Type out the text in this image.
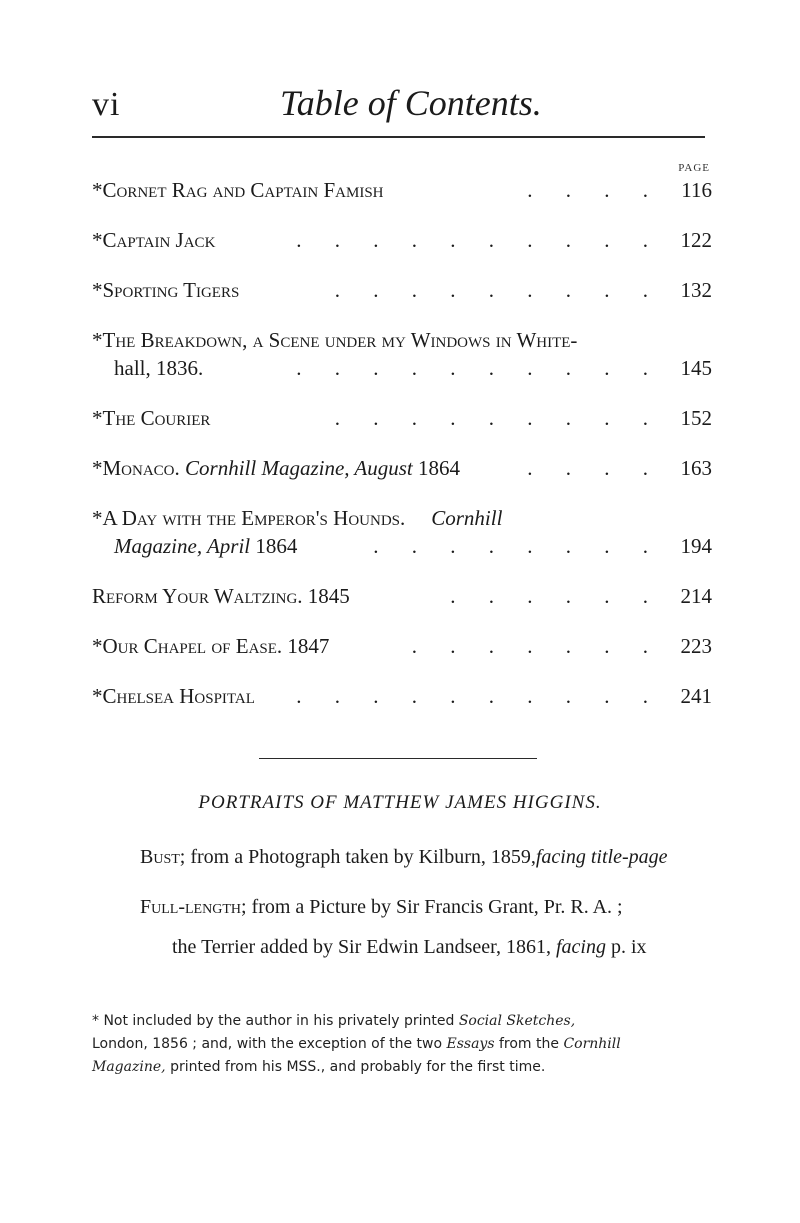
vi	Table of Contents.
PAGE
*Cornet Rag and Captain Famish	. . . . 116
*Captain Jack	. . . . . . . . . . 122
*Sporting Tigers	. . . . . . . . . 132
*The Breakdown, a Scene under my Windows in White-
hall, 1836.	. . . . . . . . . . 145
*The Courier	. . . . . . . . . 152
*Monaco.
Cornhill Magazine, August
1864	. . . . 163
*A Day with the Emperor's Hounds. Cornhill
Magazine, April
1864	. . . . . . . . 194
Reform Your Waltzing. 1845	. . . . . . 214
*Our Chapel of Ease. 1847	. . . . . . . 223
*Chelsea Hospital	. . . . . . . . . . 241
PORTRAITS OF MATTHEW JAMES HIGGINS.
Bust; from a Photograph taken by Kilburn, 1859,facing title-page
Full-length; from a Picture by Sir Francis Grant, Pr. R. A. ;
the Terrier added by Sir Edwin Landseer, 1861, facing p. ix
* Not included by the author in his privately printed Social Sketches,
London, 1856 ; and, with the exception of the two Essays from the Cornhill
Magazine, printed from his MSS., and probably for the first time.
